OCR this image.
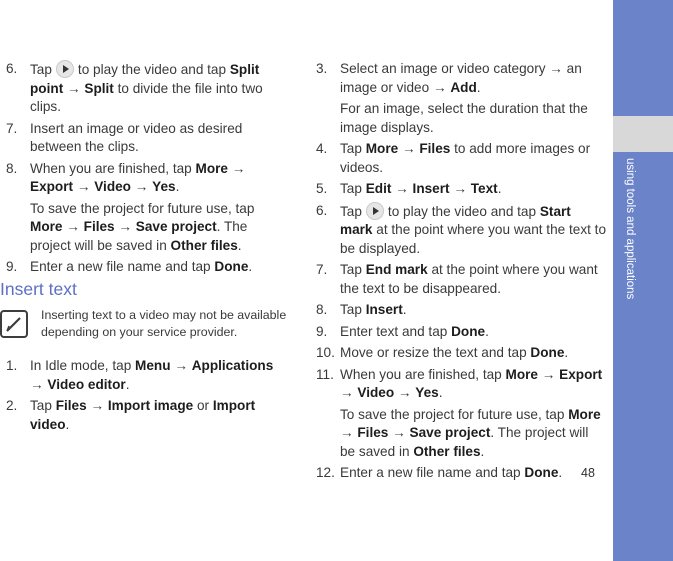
6. Tap to play the video and tap Split point → Split to divide the file into two clips.
7. Insert an image or video as desired between the clips.
8. When you are finished, tap More → Export → Video → Yes.
To save the project for future use, tap More → Files → Save project. The project will be saved in Other files.
9. Enter a new file name and tap Done.
Insert text
Inserting text to a video may not be available depending on your service provider.
1. In Idle mode, tap Menu → Applications → Video editor.
2. Tap Files → Import image or Import video.
3. Select an image or video category → an image or video → Add.
For an image, select the duration that the image displays.
4. Tap More → Files to add more images or videos.
5. Tap Edit → Insert → Text.
6. Tap to play the video and tap Start mark at the point where you want the text to be displayed.
7. Tap End mark at the point where you want the text to be disappeared.
8. Tap Insert.
9. Enter text and tap Done.
10. Move or resize the text and tap Done.
11. When you are finished, tap More → Export → Video → Yes.
To save the project for future use, tap More → Files → Save project. The project will be saved in Other files.
12. Enter a new file name and tap Done.
using tools and applications
48
